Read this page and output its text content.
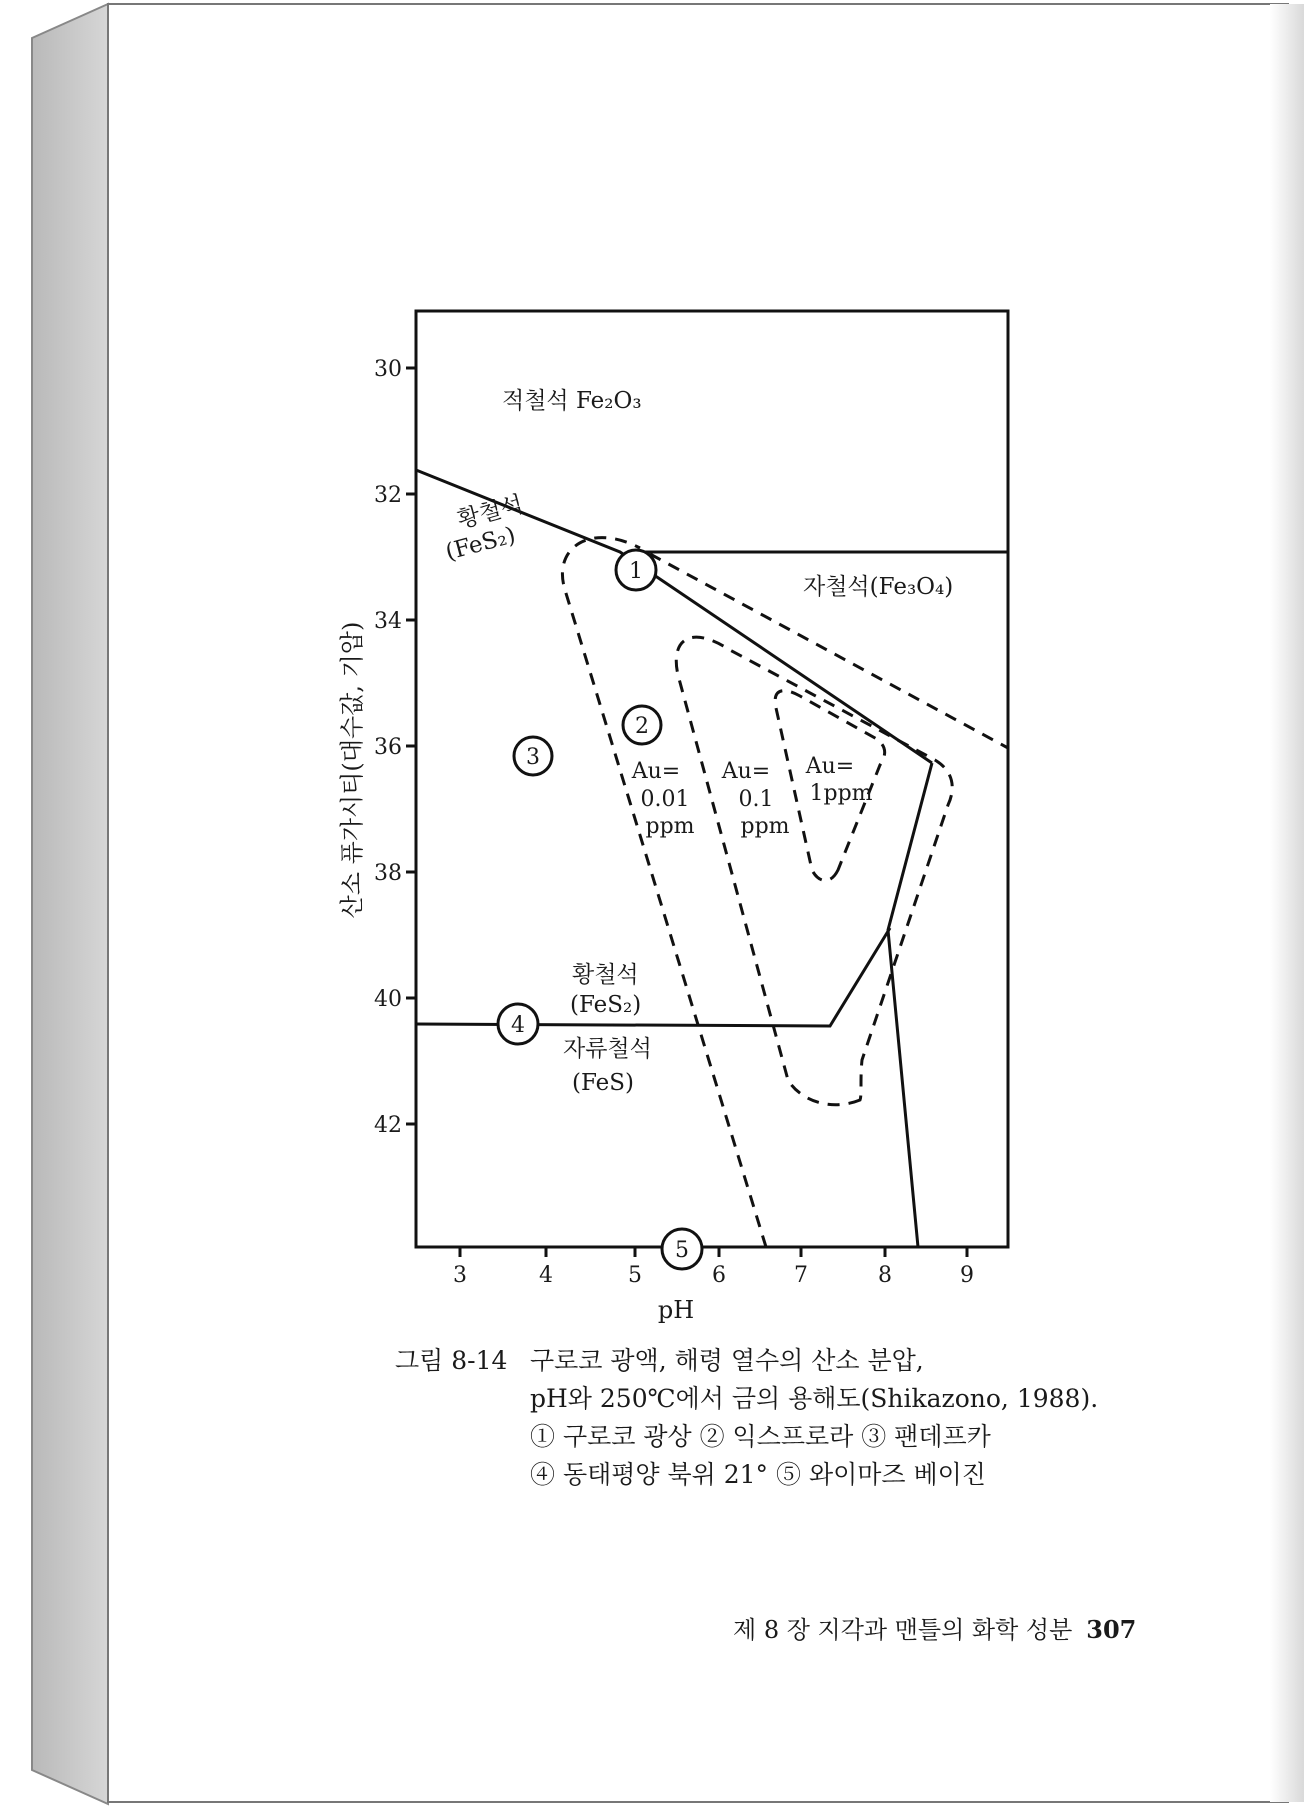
30
32
34
36
38
40
42
3	4	5	6	7	8	9
pH
산소 퓨가시티(대수값, 기압)
적철석 Fe₂O₃
황철석
(FeS₂)
자철석(Fe₃O₄)
황철석
(FeS₂)
자류철석
(FeS)
Au=
0.01
ppm
Au=
0.1
ppm
Au=
1ppm
1
2
3
4
5
그림 8-14 구로코 광액, 해령 열수의 산소 분압,
pH와 250℃에서 금의 용해도(Shikazono, 1988).
① 구로코 광상 ② 익스프로라 ③ 팬데프카
④ 동태평양 북위 21° ⑤ 와이마즈 베이진
제 8 장 지각과 맨틀의 화학 성분 307
